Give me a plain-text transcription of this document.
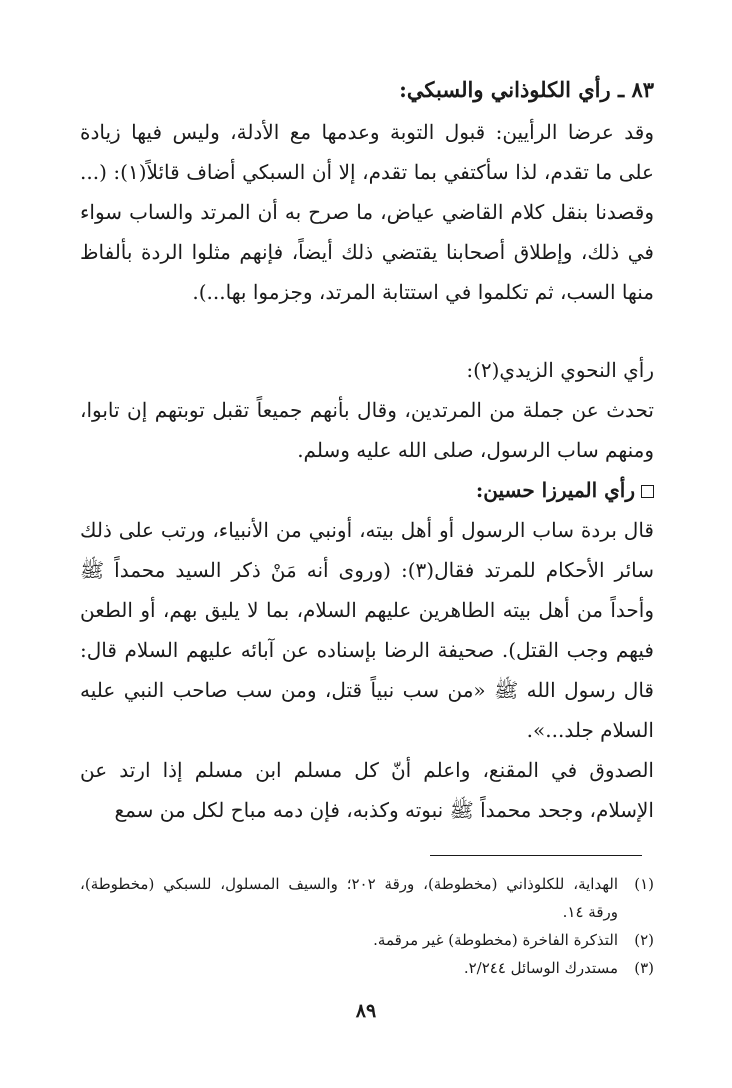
٨٣ ـ رأي الكلوذاني والسبكي:
وقد عرضا الرأيين: قبول التوبة وعدمها مع الأدلة، وليس فيها زيادة على ما تقدم، لذا سأكتفي بما تقدم، إلا أن السبكي أضاف قائلاً(١): (... وقصدنا بنقل كلام القاضي عياض، ما صرح به أن المرتد والساب سواء في ذلك، وإطلاق أصحابنا يقتضي ذلك أيضاً، فإنهم مثلوا الردة بألفاظ منها السب، ثم تكلموا في استتابة المرتد، وجزموا بها...).
رأي النحوي الزيدي(٢):
تحدث عن جملة من المرتدين، وقال بأنهم جميعاً تقبل توبتهم إن تابوا، ومنهم ساب الرسول، صلى الله عليه وسلم.
رأي الميرزا حسين:
قال بردة ساب الرسول أو أهل بيته، أونبي من الأنبياء، ورتب على ذلك سائر الأحكام للمرتد فقال(٣): (وروى أنه مَنْ ذكر السيد محمداً ﷺ وأحداً من أهل بيته الطاهرين عليهم السلام، بما لا يليق بهم، أو الطعن فيهم وجب القتل). صحيفة الرضا بإسناده عن آبائه عليهم السلام قال: قال رسول الله ﷺ «من سب نبياً قتل، ومن سب صاحب النبي عليه السلام جلد...».
الصدوق في المقنع، واعلم أنّ كل مسلم ابن مسلم إذا ارتد عن الإسلام، وجحد محمداً ﷺ نبوته وكذبه، فإن دمه مباح لكل من سمع
(١)
الهداية، للكلوذاني (مخطوطة)، ورقة ٢٠٢؛ والسيف المسلول، للسبكي (مخطوطة)، ورقة ١٤.
(٢)
التذكرة الفاخرة (مخطوطة) غير مرقمة.
(٣)
مستدرك الوسائل ٢/٢٤٤.
٨٩
